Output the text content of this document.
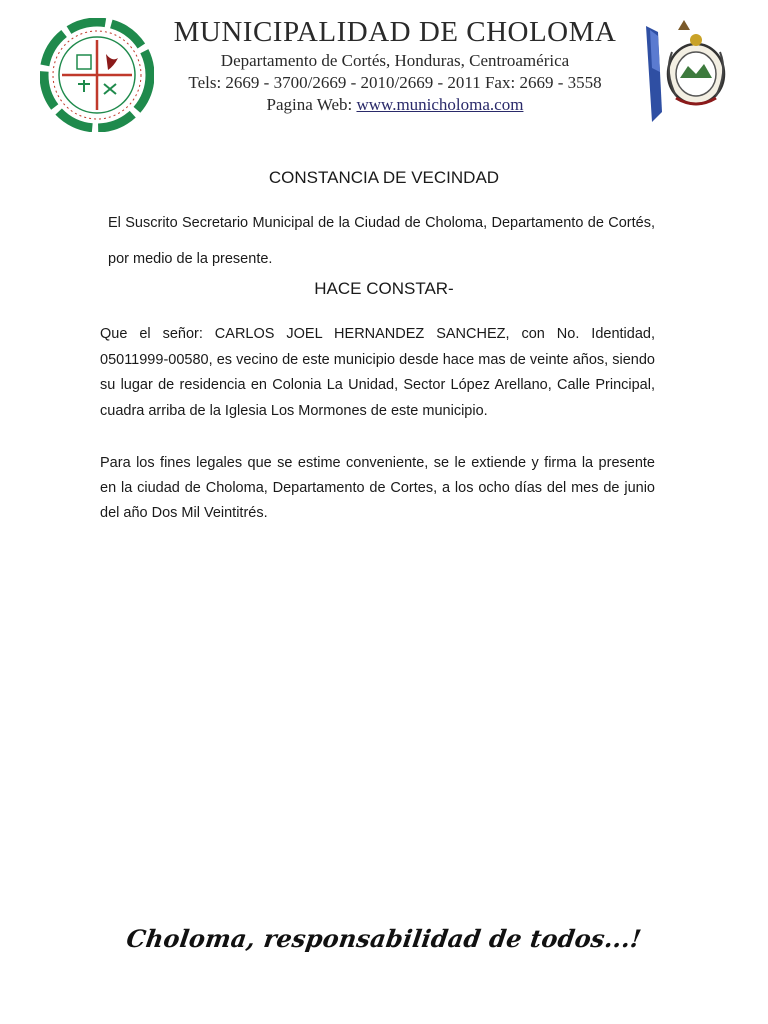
MUNICIPALIDAD DE CHOLOMA
Departamento de Cortés, Honduras, Centroamérica
Tels: 2669 - 3700/2669 - 2010/2669 - 2011 Fax: 2669 - 3558
Pagina Web: www.municholoma.com
CONSTANCIA DE VECINDAD

El Suscrito Secretario Municipal de la Ciudad de Choloma, Departamento de Cortés, por medio de la presente.

HACE CONSTAR-

Que el señor: CARLOS JOEL HERNANDEZ SANCHEZ, con No. Identidad, 05011999-00580, es vecino de este municipio desde hace mas de veinte años, siendo su lugar de residencia en Colonia La Unidad, Sector López Arellano, Calle Principal, cuadra arriba de la Iglesia Los Mormones de este municipio.

Para los fines legales que se estime conveniente, se le extiende y firma la presente en la ciudad de Choloma, Departamento de Cortes, a los ocho días del mes de junio del año Dos Mil Veintitrés.

Choloma, responsabilidad de todos...!
